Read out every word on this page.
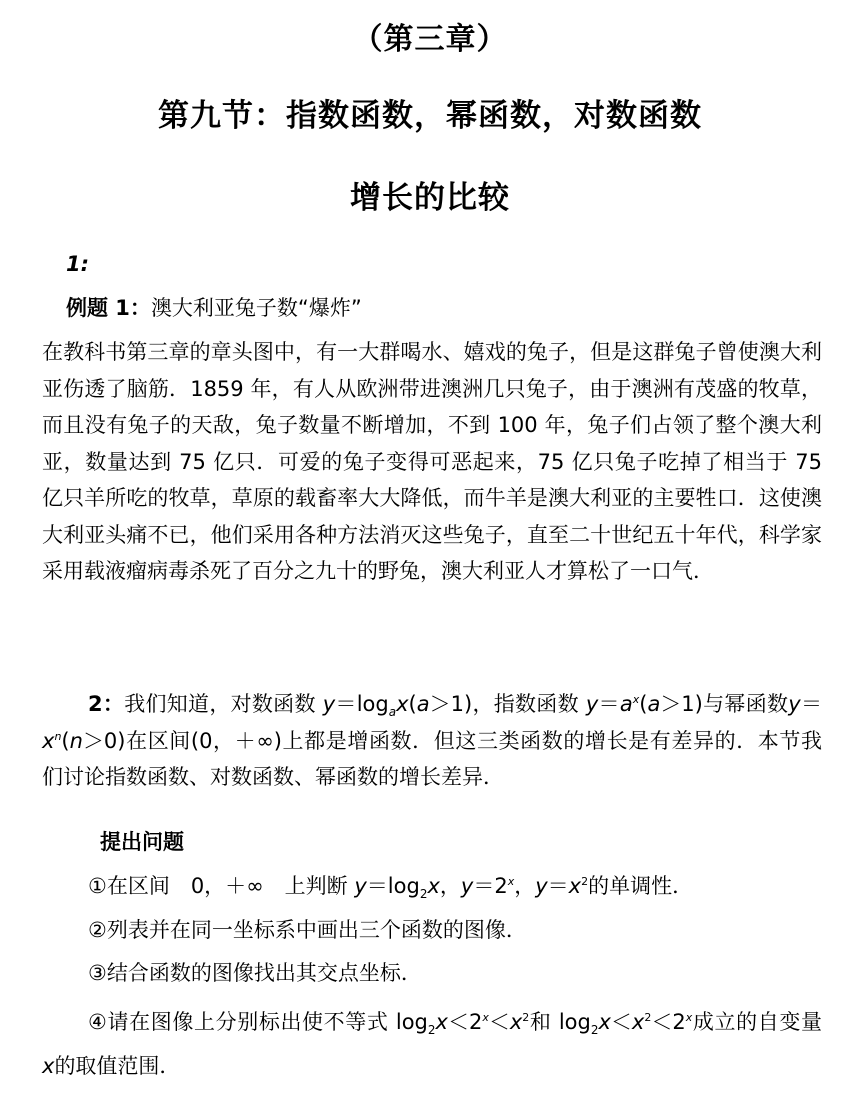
（第三章）
第九节：指数函数，幂函数，对数函数
增长的比较
1:
例题 1：澳大利亚兔子数“爆炸”
在教科书第三章的章头图中，有一大群喝水、嬉戏的兔子，但是这群兔子曾使澳大利亚伤透了脑筋．1859 年，有人从欧洲带进澳洲几只兔子，由于澳洲有茂盛的牧草，而且没有兔子的天敌，兔子数量不断增加，不到 100 年，兔子们占领了整个澳大利亚，数量达到 75 亿只．可爱的兔子变得可恶起来，75 亿只兔子吃掉了相当于 75 亿只羊所吃的牧草，草原的载畜率大大降低，而牛羊是澳大利亚的主要牲口．这使澳大利亚头痛不已，他们采用各种方法消灭这些兔子，直至二十世纪五十年代，科学家采用载液瘤病毒杀死了百分之九十的野兔，澳大利亚人才算松了一口气．
2：我们知道，对数函数 $y=\log_ax(a>1)$，指数函数 $y=a^x(a>1)$与幂函数$y=x^n(n>0)$在区间(0，＋∞)上都是增函数．但这三类函数的增长是有差异的．本节我们讨论指数函数、对数函数、幂函数的增长差异．
提出问题
①在区间　0，＋∞　上判断 $y=\log_2x$，$y=2^x$，$y=x^2$的单调性．
②列表并在同一坐标系中画出三个函数的图像．
③结合函数的图像找出其交点坐标．
④请在图像上分别标出使不等式 $\log_2x<2^x<x^2$和 $\log_2x<x^2<2^x$成立的自变量 x的取值范围．
